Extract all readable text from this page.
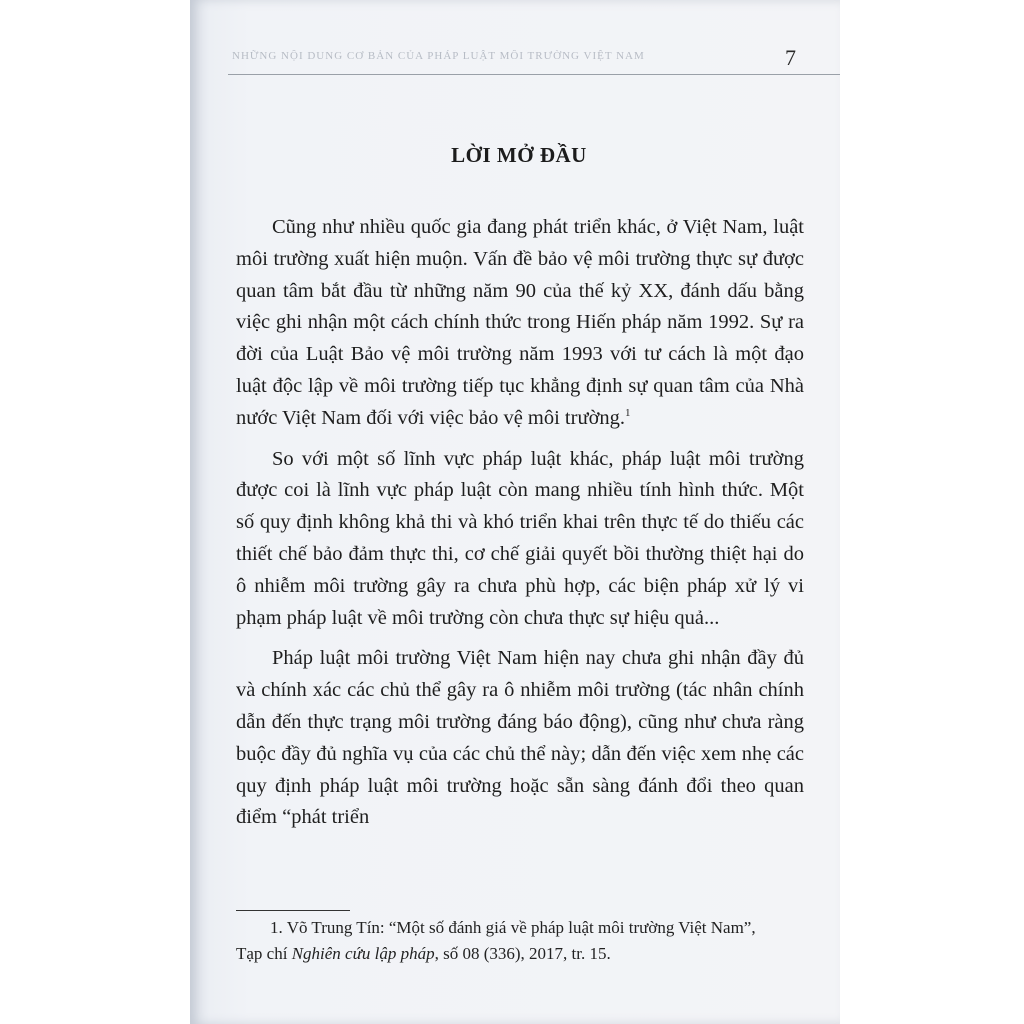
NHỮNG NỘI DUNG CƠ BẢN CỦA PHÁP LUẬT MÔI TRƯỜNG VIỆT NAM	7
LỜI MỞ ĐẦU

Cũng như nhiều quốc gia đang phát triển khác, ở Việt Nam, luật môi trường xuất hiện muộn. Vấn đề bảo vệ môi trường thực sự được quan tâm bắt đầu từ những năm 90 của thế kỷ XX, đánh dấu bằng việc ghi nhận một cách chính thức trong Hiến pháp năm 1992. Sự ra đời của Luật Bảo vệ môi trường năm 1993 với tư cách là một đạo luật độc lập về môi trường tiếp tục khẳng định sự quan tâm của Nhà nước Việt Nam đối với việc bảo vệ môi trường.$^1$

So với một số lĩnh vực pháp luật khác, pháp luật môi trường được coi là lĩnh vực pháp luật còn mang nhiều tính hình thức. Một số quy định không khả thi và khó triển khai trên thực tế do thiếu các thiết chế bảo đảm thực thi, cơ chế giải quyết bồi thường thiệt hại do ô nhiễm môi trường gây ra chưa phù hợp, các biện pháp xử lý vi phạm pháp luật về môi trường còn chưa thực sự hiệu quả...

Pháp luật môi trường Việt Nam hiện nay chưa ghi nhận đầy đủ và chính xác các chủ thể gây ra ô nhiễm môi trường (tác nhân chính dẫn đến thực trạng môi trường đáng báo động), cũng như chưa ràng buộc đầy đủ nghĩa vụ của các chủ thể này; dẫn đến việc xem nhẹ các quy định pháp luật môi trường hoặc sẵn sàng đánh đổi theo quan điểm “phát triển

1. Võ Trung Tín: “Một số đánh giá về pháp luật môi trường Việt Nam”,
Tạp chí Nghiên cứu lập pháp, số 08 (336), 2017, tr. 15.
